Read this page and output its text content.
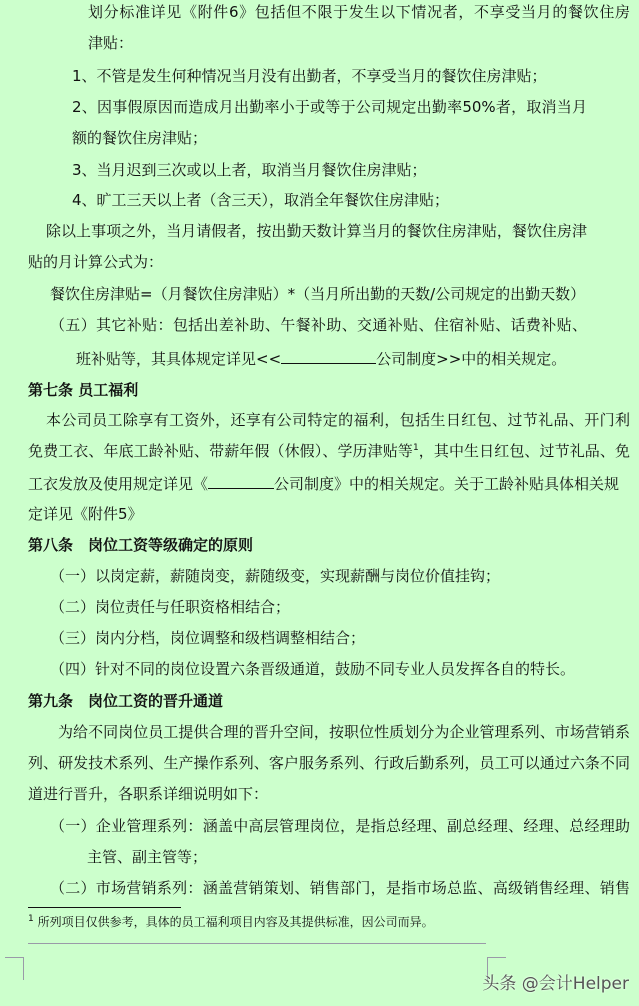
划分标准详见《附件6》包括但不限于发生以下情况者，不享受当月的餐饮住房
津贴：
1、不管是发生何种情况当月没有出勤者，不享受当月的餐饮住房津贴；
2、因事假原因而造成月出勤率小于或等于公司规定出勤率50%者，取消当月
额的餐饮住房津贴；
3、当月迟到三次或以上者，取消当月餐饮住房津贴；
4、旷工三天以上者（含三天），取消全年餐饮住房津贴；
除以上事项之外，当月请假者，按出勤天数计算当月的餐饮住房津贴，餐饮住房津
贴的月计算公式为：
餐饮住房津贴=（月餐饮住房津贴）*（当月所出勤的天数/公司规定的出勤天数）
（五）其它补贴：包括出差补助、午餐补助、交通补贴、住宿补贴、话费补贴、
班补贴等，其具体规定详见<<	公司制度>>中的相关规定。
第七条 员工福利
本公司员工除享有工资外，还享有公司特定的福利，包括生日红包、过节礼品、开门利
免费工衣、年底工龄补贴、带薪年假（休假）、学历津贴等$^1$，其中生日红包、过节礼品、免
工衣发放及使用规定详见《	公司制度》中的相关规定。关于工龄补贴具体相关规
定详见《附件5》
第八条　岗位工资等级确定的原则
（一）以岗定薪，薪随岗变，薪随级变，实现薪酬与岗位价值挂钩；
（二）岗位责任与任职资格相结合；
（三）岗内分档，岗位调整和级档调整相结合；
（四）针对不同的岗位设置六条晋级通道，鼓励不同专业人员发挥各自的特长。
第九条　岗位工资的晋升通道
为给不同岗位员工提供合理的晋升空间，按职位性质划分为企业管理系列、市场营销系
列、研发技术系列、生产操作系列、客户服务系列、行政后勤系列，员工可以通过六条不同
道进行晋升，各职系详细说明如下：
（一）企业管理系列：涵盖中高层管理岗位，是指总经理、副总经理、经理、总经理助
主管、副主管等；
（二）市场营销系列：涵盖营销策划、销售部门，是指市场总监、高级销售经理、销售
$^1$ 所列项目仅供参考，具体的员工福利项目内容及其提供标准，因公司而异。
头条 @会计Helper
